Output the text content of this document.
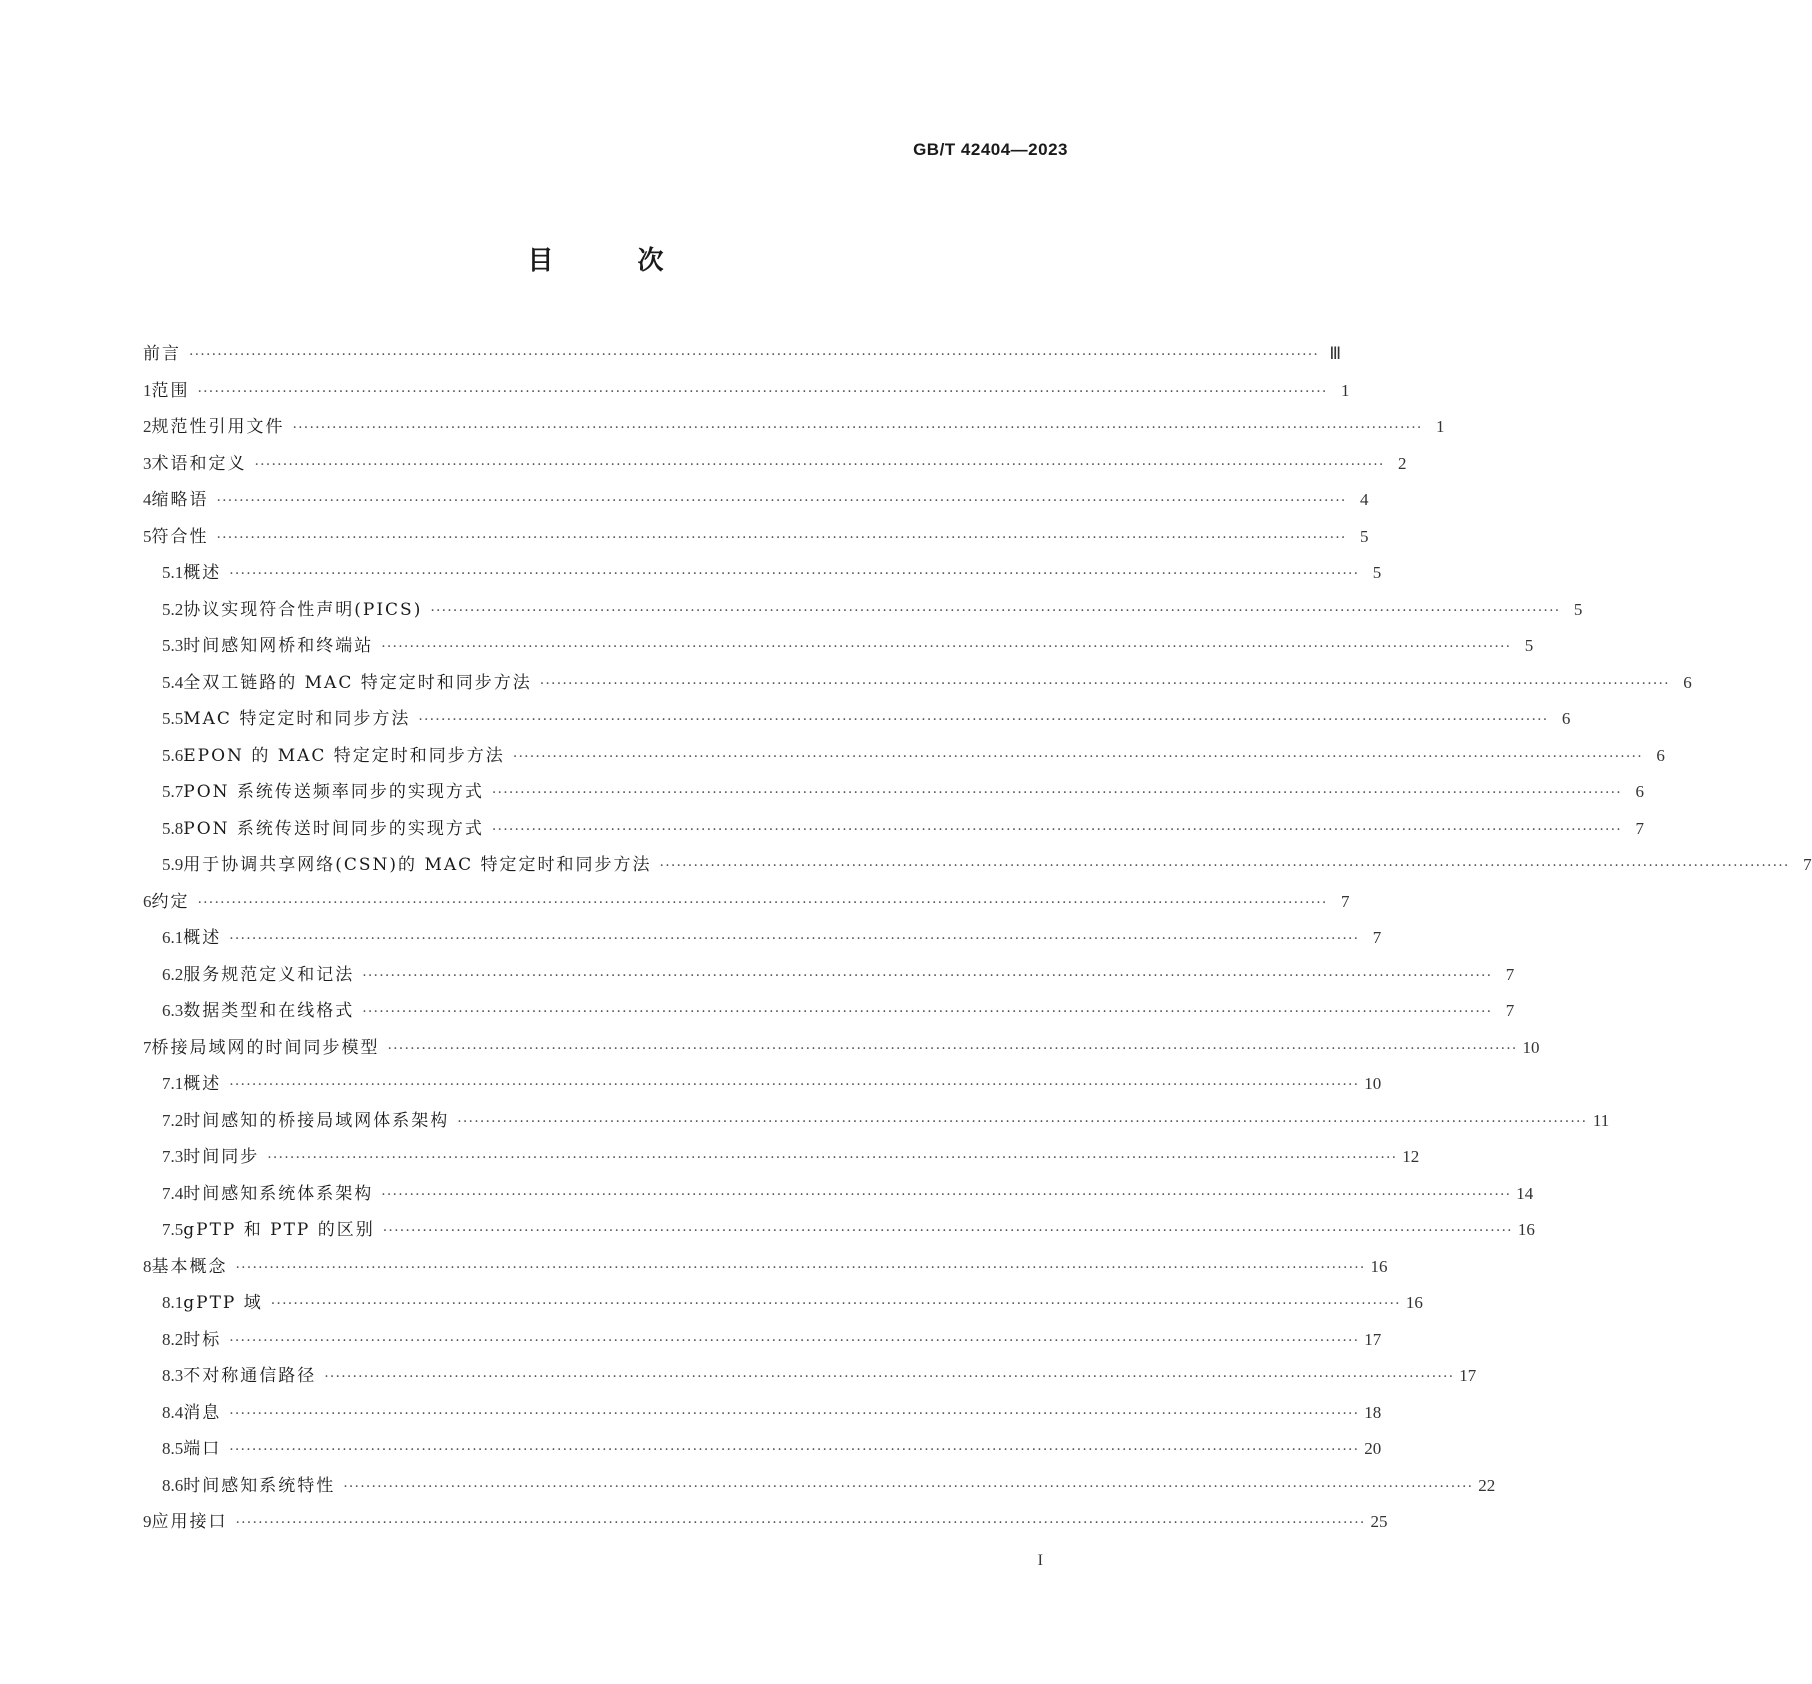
GB/T 42404—2023
目	次
前言 ········································································································································································································ Ⅲ
1 范围 ········································································································································································································ 1
2 规范性引用文件 ········································································································································································································ 1
3 术语和定义 ········································································································································································································ 2
4 缩略语 ········································································································································································································ 4
5 符合性 ········································································································································································································ 5
5.1 概述 ········································································································································································································ 5
5.2 协议实现符合性声明(PICS) ········································································································································································································ 5
5.3 时间感知网桥和终端站 ········································································································································································································ 5
5.4 全双工链路的 MAC 特定定时和同步方法 ········································································································································································································ 6
5.5 MAC 特定定时和同步方法 ········································································································································································································ 6
5.6 EPON 的 MAC 特定定时和同步方法 ········································································································································································································ 6
5.7 PON 系统传送频率同步的实现方式 ········································································································································································································ 6
5.8 PON 系统传送时间同步的实现方式 ········································································································································································································ 7
5.9 用于协调共享网络(CSN)的 MAC 特定定时和同步方法 ········································································································································································································ 7
6 约定 ········································································································································································································ 7
6.1 概述 ········································································································································································································ 7
6.2 服务规范定义和记法 ········································································································································································································ 7
6.3 数据类型和在线格式 ········································································································································································································ 7
7 桥接局域网的时间同步模型 ········································································································································································································ 10
7.1 概述 ········································································································································································································ 10
7.2 时间感知的桥接局域网体系架构 ········································································································································································································ 11
7.3 时间同步 ········································································································································································································ 12
7.4 时间感知系统体系架构 ········································································································································································································ 14
7.5 gPTP 和 PTP 的区别 ········································································································································································································ 16
8 基本概念 ········································································································································································································ 16
8.1 gPTP 域 ········································································································································································································ 16
8.2 时标 ········································································································································································································ 17
8.3 不对称通信路径 ········································································································································································································ 17
8.4 消息 ········································································································································································································ 18
8.5 端口 ········································································································································································································ 20
8.6 时间感知系统特性 ········································································································································································································ 22
9 应用接口 ········································································································································································································ 25
I
